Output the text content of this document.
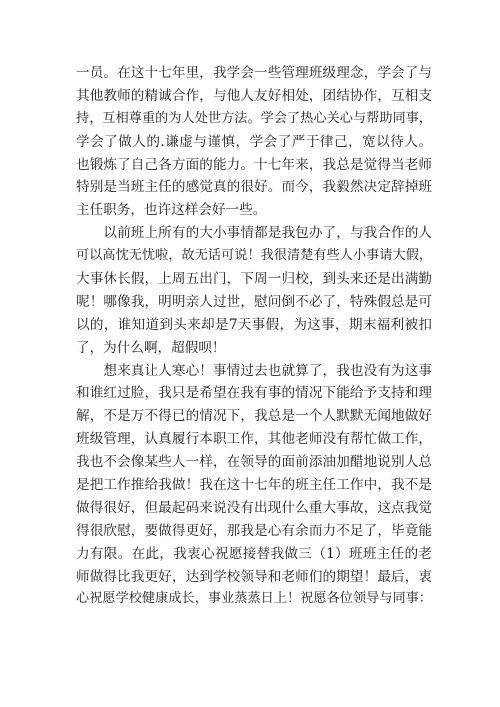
一员。在这十七年里，我学会一些管理班级理念，学会了与
其他教师的精诚合作，与他人友好相处，团结协作，互相支
持，互相尊重的为人处世方法。学会了热心关心与帮助同事，
学会了做人的.谦虚与谨慎，学会了严于律己，宽以待人。
也锻炼了自己各方面的能力。十七年来，我总是觉得当老师
特别是当班主任的感觉真的很好。而今，我毅然决定辞掉班
主任职务，也许这样会好一些。
　　以前班上所有的大小事情都是我包办了，与我合作的人
可以高忱无忧啦，故无话可说！我很清楚有些人小事请大假，
大事休长假，上周五出门，下周一归校，到头来还是出满勤
呢！哪像我，明明亲人过世，慰问倒不必了，特殊假总是可
以的，谁知道到头来却是7天事假，为这事，期末福利被扣
了，为什么啊，超假呗！
　　想来真让人寒心！事情过去也就算了，我也没有为这事
和谁红过脸，我只是希望在我有事的情况下能给予支持和理
解，不是万不得已的情况下，我总是一个人默默无闻地做好
班级管理，认真履行本职工作，其他老师没有帮忙做工作，
我也不会像某些人一样，在领导的面前添油加醋地说别人总
是把工作推给我做！我在这十七年的班主任工作中，我不是
做得很好，但最起码来说没有出现什么重大事故，这点我觉
得很欣慰，要做得更好，那我是心有余而力不足了，毕竟能
力有限。在此，我衷心祝愿接替我做三（1）班班主任的老
师做得比我更好，达到学校领导和老师们的期望！最后，衷
心祝愿学校健康成长，事业蒸蒸日上！祝愿各位领导与同事：
